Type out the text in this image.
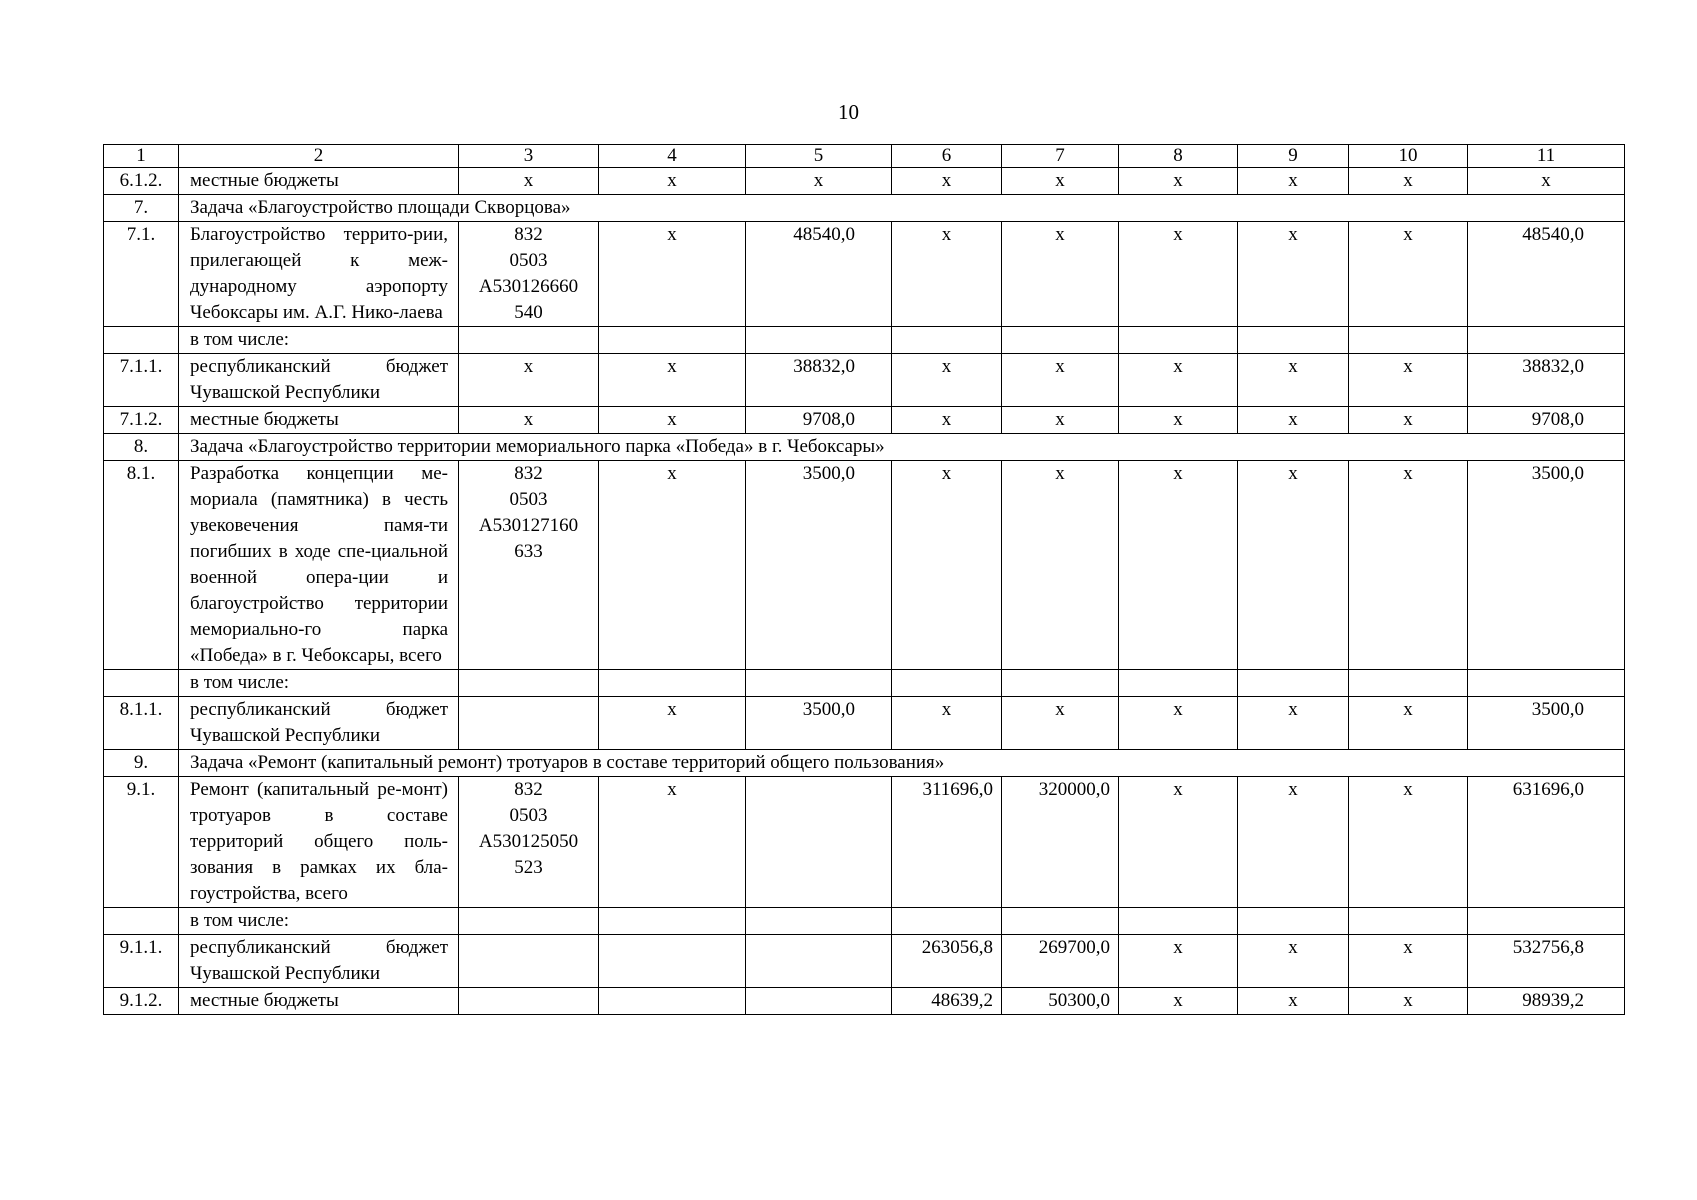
10
1	2	3	4	5	6	7	8	9	10	11
6.1.2.	местные бюджеты	x	x	x	x	x	x	x	x	x
7.	Задача «Благоустройство площади Скворцова»									
7.1.	Благоустройство террито-рии, прилегающей к меж-дународному аэропорту Чебоксары им. А.Г. Нико-лаева	832
0503
А530126660
540	x	48540,0	x	x	x	x	x	48540,0
	в том числе:									
7.1.1.	республиканский бюджет Чувашской Республики	x	x	38832,0	x	x	x	x	x	38832,0
7.1.2.	местные бюджеты	x	x	9708,0	x	x	x	x	x	9708,0
8.	Задача «Благоустройство территории мемориального парка «Победа» в г. Чебоксары»									
8.1.	Разработка концепции ме-мориала (памятника) в честь увековечения памя-ти погибших в ходе спе-циальной военной опера-ции и благоустройство территории мемориально-го парка «Победа» в г. Чебоксары, всего	832
0503
А530127160
633	x	3500,0	x	x	x	x	x	3500,0
	в том числе:									
8.1.1.	республиканский бюджет Чувашской Республики		x	3500,0	x	x	x	x	x	3500,0
9.	Задача «Ремонт (капитальный ремонт) тротуаров в составе территорий общего пользования»									
9.1.	Ремонт (капитальный ре-монт) тротуаров в составе территорий общего поль-зования в рамках их бла-гоустройства, всего	832
0503
А530125050
523	x		311696,0	320000,0	x	x	x	631696,0
	в том числе:									
9.1.1.	республиканский бюджет Чувашской Республики				263056,8	269700,0	x	x	x	532756,8
9.1.2.	местные бюджеты				48639,2	50300,0	x	x	x	98939,2
